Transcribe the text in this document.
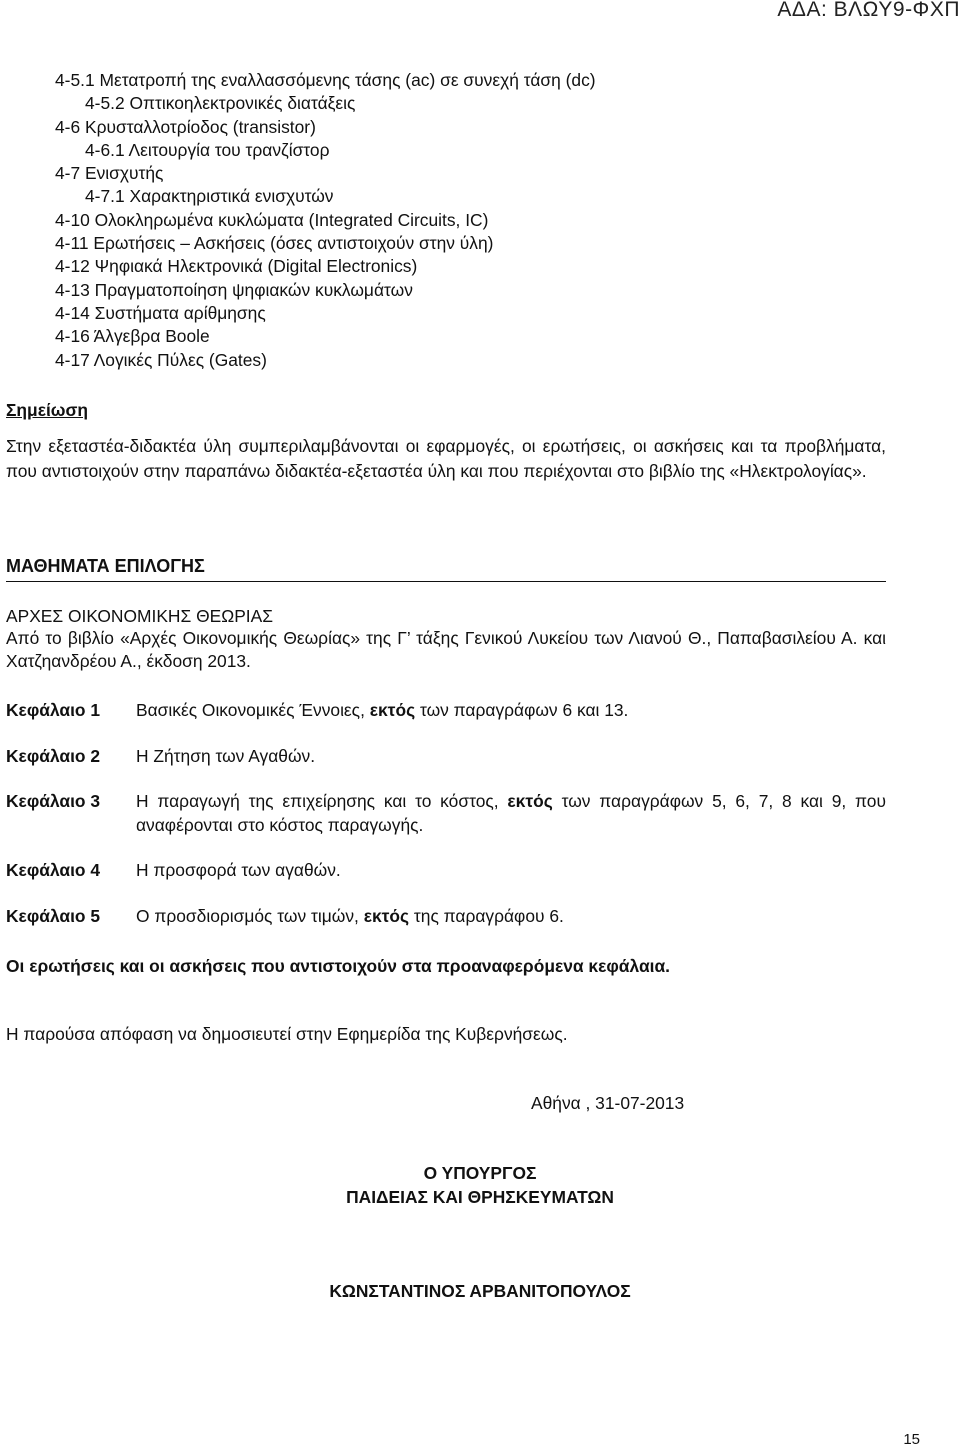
ΑΔΑ: ΒΛΩΥ9-ΦΧΠ
4-5.1 Μετατροπή της εναλλασσόμενης τάσης (ac) σε συνεχή τάση (dc)
4-5.2 Οπτικοηλεκτρονικές διατάξεις
4-6 Κρυσταλλοτρίοδος (transistor)
4-6.1 Λειτουργία του τρανζίστορ
4-7 Ενισχυτής
4-7.1 Χαρακτηριστικά ενισχυτών
4-10 Ολοκληρωμένα κυκλώματα (Integrated Circuits, IC)
4-11 Ερωτήσεις – Ασκήσεις (όσες αντιστοιχούν στην ύλη)
4-12 Ψηφιακά Ηλεκτρονικά (Digital Electronics)
4-13 Πραγματοποίηση ψηφιακών κυκλωμάτων
4-14 Συστήματα αρίθμησης
4-16 Άλγεβρα Boole
4-17 Λογικές Πύλες (Gates)
Σημείωση
Στην εξεταστέα-διδακτέα ύλη συμπεριλαμβάνονται οι εφαρμογές, οι ερωτήσεις, οι ασκήσεις και τα προβλήματα, που αντιστοιχούν στην παραπάνω διδακτέα-εξεταστέα ύλη και που περιέχονται στο βιβλίο της «Ηλεκτρολογίας».
ΜΑΘΗΜΑΤΑ ΕΠΙΛΟΓΗΣ
ΑΡΧΕΣ ΟΙΚΟΝΟΜΙΚΗΣ ΘΕΩΡΙΑΣ
Από το βιβλίο «Αρχές Οικονομικής Θεωρίας» της Γ’ τάξης Γενικού Λυκείου των Λιανού Θ., Παπαβασιλείου Α. και Χατζηανδρέου Α., έκδοση 2013.
Κεφάλαιο 1 Βασικές Οικονομικές Έννοιες, εκτός των παραγράφων 6 και 13.
Κεφάλαιο 2 Η Ζήτηση των Αγαθών.
Κεφάλαιο 3 Η παραγωγή της επιχείρησης και το κόστος, εκτός των παραγράφων 5, 6, 7, 8 και 9, που αναφέρονται στο κόστος παραγωγής.
Κεφάλαιο 4 Η προσφορά των αγαθών.
Κεφάλαιο 5 Ο προσδιορισμός των τιμών, εκτός της παραγράφου 6.
Οι ερωτήσεις και οι ασκήσεις που αντιστοιχούν στα προαναφερόμενα κεφάλαια.
Η παρούσα απόφαση να δημοσιευτεί στην Εφημερίδα της Κυβερνήσεως.
Αθήνα , 31-07-2013
Ο ΥΠΟΥΡΓΟΣ
ΠΑΙΔΕΙΑΣ ΚΑΙ ΘΡΗΣΚΕΥΜΑΤΩΝ
ΚΩΝΣΤΑΝΤΙΝΟΣ ΑΡΒΑΝΙΤΟΠΟΥΛΟΣ
15
